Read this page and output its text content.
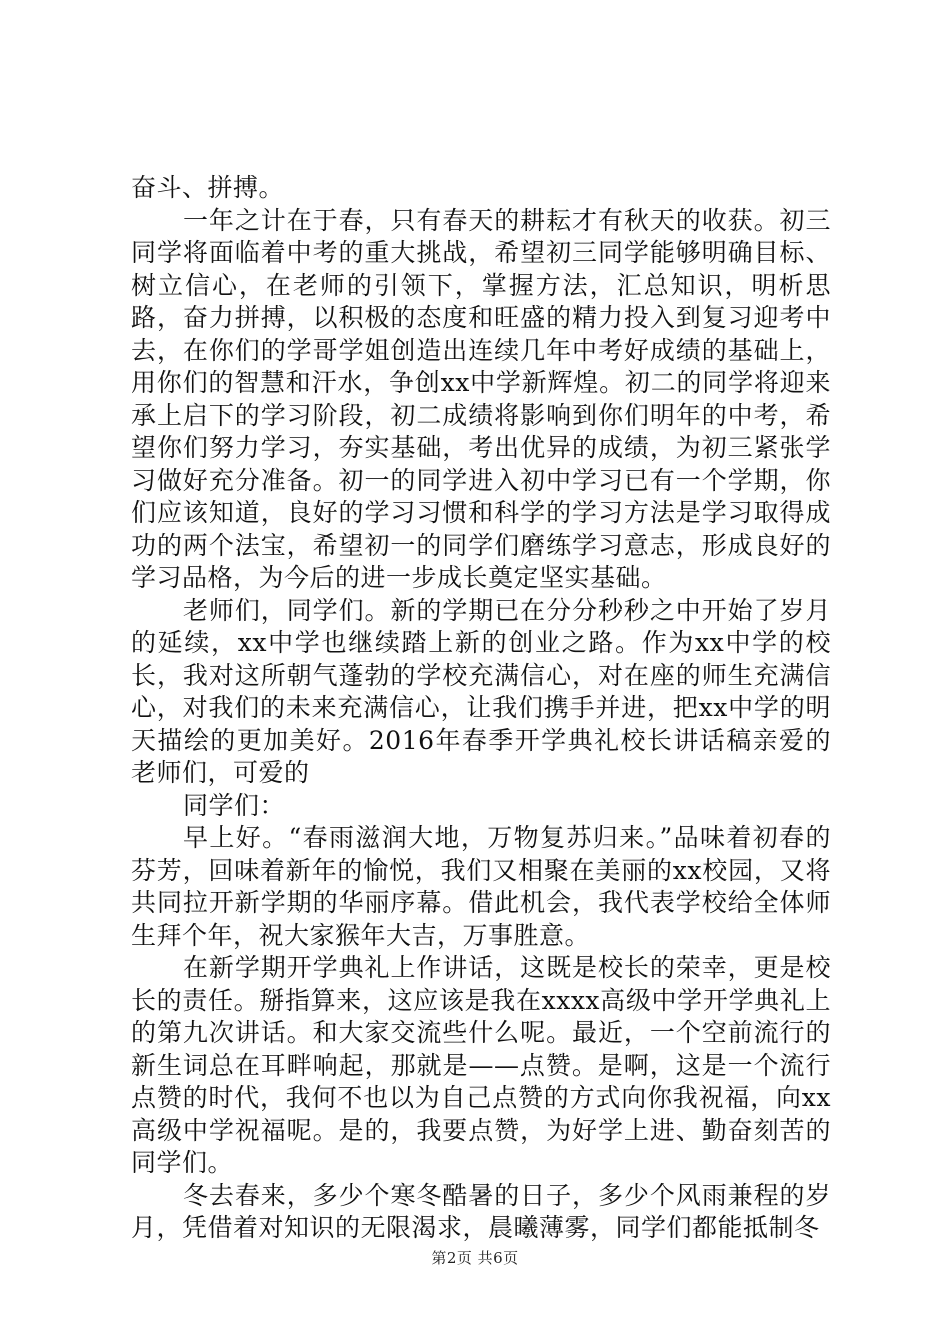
奋斗、拼搏。

一年之计在于春，只有春天的耕耘才有秋天的收获。初三同学将面临着中考的重大挑战，希望初三同学能够明确目标、树立信心，在老师的引领下，掌握方法，汇总知识，明析思路，奋力拼搏，以积极的态度和旺盛的精力投入到复习迎考中去，在你们的学哥学姐创造出连续几年中考好成绩的基础上，用你们的智慧和汗水，争创xx中学新辉煌。初二的同学将迎来承上启下的学习阶段，初二成绩将影响到你们明年的中考，希望你们努力学习，夯实基础，考出优异的成绩，为初三紧张学习做好充分准备。初一的同学进入初中学习已有一个学期，你们应该知道，良好的学习习惯和科学的学习方法是学习取得成功的两个法宝，希望初一的同学们磨练学习意志，形成良好的学习品格，为今后的进一步成长奠定坚实基础。

老师们，同学们。新的学期已在分分秒秒之中开始了岁月的延续，xx中学也继续踏上新的创业之路。作为xx中学的校长，我对这所朝气蓬勃的学校充满信心，对在座的师生充满信心，对我们的未来充满信心，让我们携手并进，把xx中学的明天描绘的更加美好。2016年春季开学典礼校长讲话稿亲爱的老师们，可爱的

同学们：

早上好。“春雨滋润大地，万物复苏归来。”品味着初春的芬芳，回味着新年的愉悦，我们又相聚在美丽的xx校园，又将共同拉开新学期的华丽序幕。借此机会，我代表学校给全体师生拜个年，祝大家猴年大吉，万事胜意。

在新学期开学典礼上作讲话，这既是校长的荣幸，更是校长的责任。掰指算来，这应该是我在xxxx高级中学开学典礼上的第九次讲话。和大家交流些什么呢。最近，一个空前流行的新生词总在耳畔响起，那就是——点赞。是啊，这是一个流行点赞的时代，我何不也以为自己点赞的方式向你我祝福，向xx高级中学祝福呢。是的，我要点赞，为好学上进、勤奋刻苦的同学们。

冬去春来，多少个寒冬酷暑的日子，多少个风雨兼程的岁月，凭借着对知识的无限渴求，晨曦薄雾，同学们都能抵制冬

第2页 共6页
